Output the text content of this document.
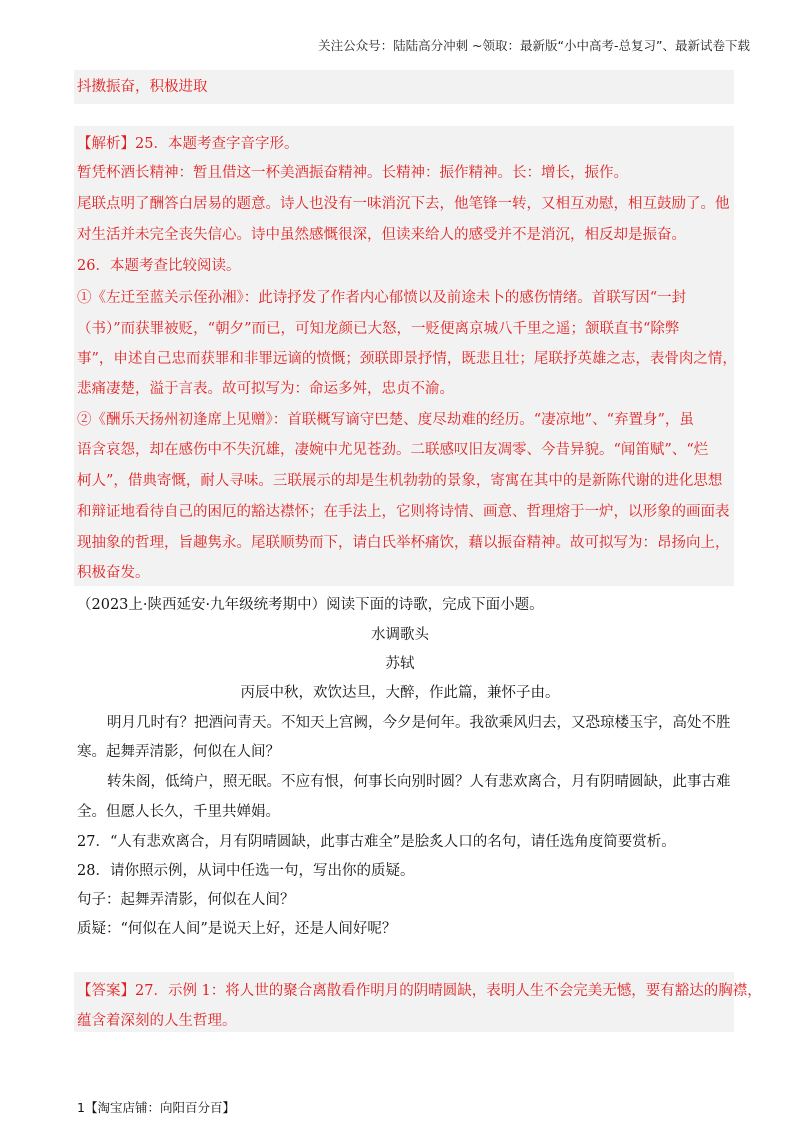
关注公众号：陆陆高分冲刺 ~领取：最新版“小中高考-总复习”、最新试卷下载
抖擞振奋，积极进取
【解析】25．本题考查字音字形。
暂凭杯酒长精神：暂且借这一杯美酒振奋精神。长精神：振作精神。长：增长，振作。
尾联点明了酬答白居易的题意。诗人也没有一味消沉下去，他笔锋一转，又相互劝慰，相互鼓励了。他
对生活并未完全丧失信心。诗中虽然感慨很深，但读来给人的感受并不是消沉，相反却是振奋。
26．本题考查比较阅读。
①《左迁至蓝关示侄孙湘》：此诗抒发了作者内心郁愤以及前途未卜的感伤情绪。首联写因“一封
（书）”而获罪被贬，“朝夕”而已，可知龙颜已大怒，一贬便离京城八千里之遥；颔联直书“除弊
事”，申述自己忠而获罪和非罪远谪的愤慨；颈联即景抒情，既悲且壮；尾联抒英雄之志，表骨肉之情，
悲痛凄楚，溢于言表。故可拟写为：命运多舛，忠贞不渝。
②《酬乐天扬州初逢席上见赠》：首联概写谪守巴楚、度尽劫难的经历。“凄凉地”、“弃置身”，虽
语含哀怨，却在感伤中不失沉雄，凄婉中尤见苍劲。二联感叹旧友凋零、今昔异貌。“闻笛赋”、“烂
柯人”，借典寄慨，耐人寻味。三联展示的却是生机勃勃的景象，寄寓在其中的是新陈代谢的进化思想
和辩证地看待自己的困厄的豁达襟怀；在手法上，它则将诗情、画意、哲理熔于一炉，以形象的画面表
现抽象的哲理，旨趣隽永。尾联顺势而下，请白氏举杯痛饮，藉以振奋精神。故可拟写为：昂扬向上，
积极奋发。
（2023上·陕西延安·九年级统考期中）阅读下面的诗歌，完成下面小题。
水调歌头
苏轼
丙辰中秋，欢饮达旦，大醉，作此篇，兼怀子由。
明月几时有？把酒问青天。不知天上宫阙，今夕是何年。我欲乘风归去，又恐琼楼玉宇，高处不胜
寒。起舞弄清影，何似在人间？
转朱阁，低绮户，照无眠。不应有恨，何事长向别时圆？人有悲欢离合，月有阴晴圆缺，此事古难
全。但愿人长久，千里共婵娟。
27．“人有悲欢离合，月有阴晴圆缺，此事古难全”是脍炙人口的名句，请任选角度简要赏析。
28．请你照示例，从词中任选一句，写出你的质疑。
句子：起舞弄清影，何似在人间？
质疑：“何似在人间”是说天上好，还是人间好呢？
【答案】27．示例 1：将人世的聚合离散看作明月的阴晴圆缺，表明人生不会完美无憾，要有豁达的胸襟，
蕴含着深刻的人生哲理。
1【淘宝店铺：向阳百分百】
